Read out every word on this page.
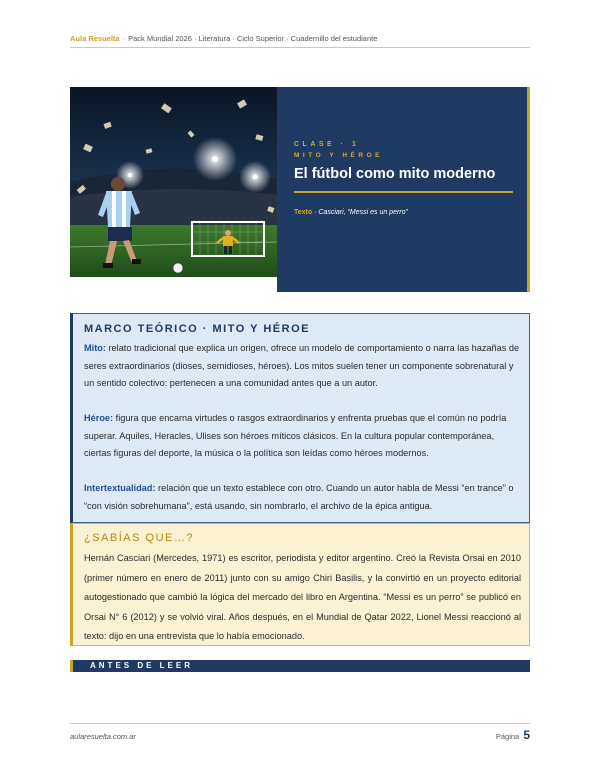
Aula Resuelta · Pack Mundial 2026 · Literatura · Ciclo Superior · Cuadernillo del estudiante
CLASE · 1
MITO Y HÉROE
El fútbol como mito moderno
Texto · Casciari, “Messi es un perro”
MARCO TEÓRICO · MITO Y HÉROE

Mito: relato tradicional que explica un origen, ofrece un modelo de comportamiento o narra las hazañas de seres extraordinarios (dioses, semidioses, héroes). Los mitos suelen tener un componente sobrenatural y un sentido colectivo: pertenecen a una comunidad antes que a un autor.

Héroe: figura que encarna virtudes o rasgos extraordinarios y enfrenta pruebas que el común no podría superar. Aquiles, Heracles, Ulises son héroes míticos clásicos. En la cultura popular contemporánea, ciertas figuras del deporte, la música o la política son leídas como héroes modernos.

Intertextualidad: relación que un texto establece con otro. Cuando un autor habla de Messi “en trance” o “con visión sobrehumana”, está usando, sin nombrarlo, el archivo de la épica antigua.

¿SABÍAS QUE…?

Hernán Casciari (Mercedes, 1971) es escritor, periodista y editor argentino. Creó la Revista Orsai en 2010 (primer número en enero de 2011) junto con su amigo Chiri Basilis, y la convirtió en un proyecto editorial autogestionado que cambió la lógica del mercado del libro en Argentina. “Messi es un perro” se publicó en Orsai N° 6 (2012) y se volvió viral. Años después, en el Mundial de Qatar 2022, Lionel Messi reaccionó al texto: dijo en una entrevista que lo había emocionado.

ANTES DE LEER
aularesuelta.com.ar	Página 5
